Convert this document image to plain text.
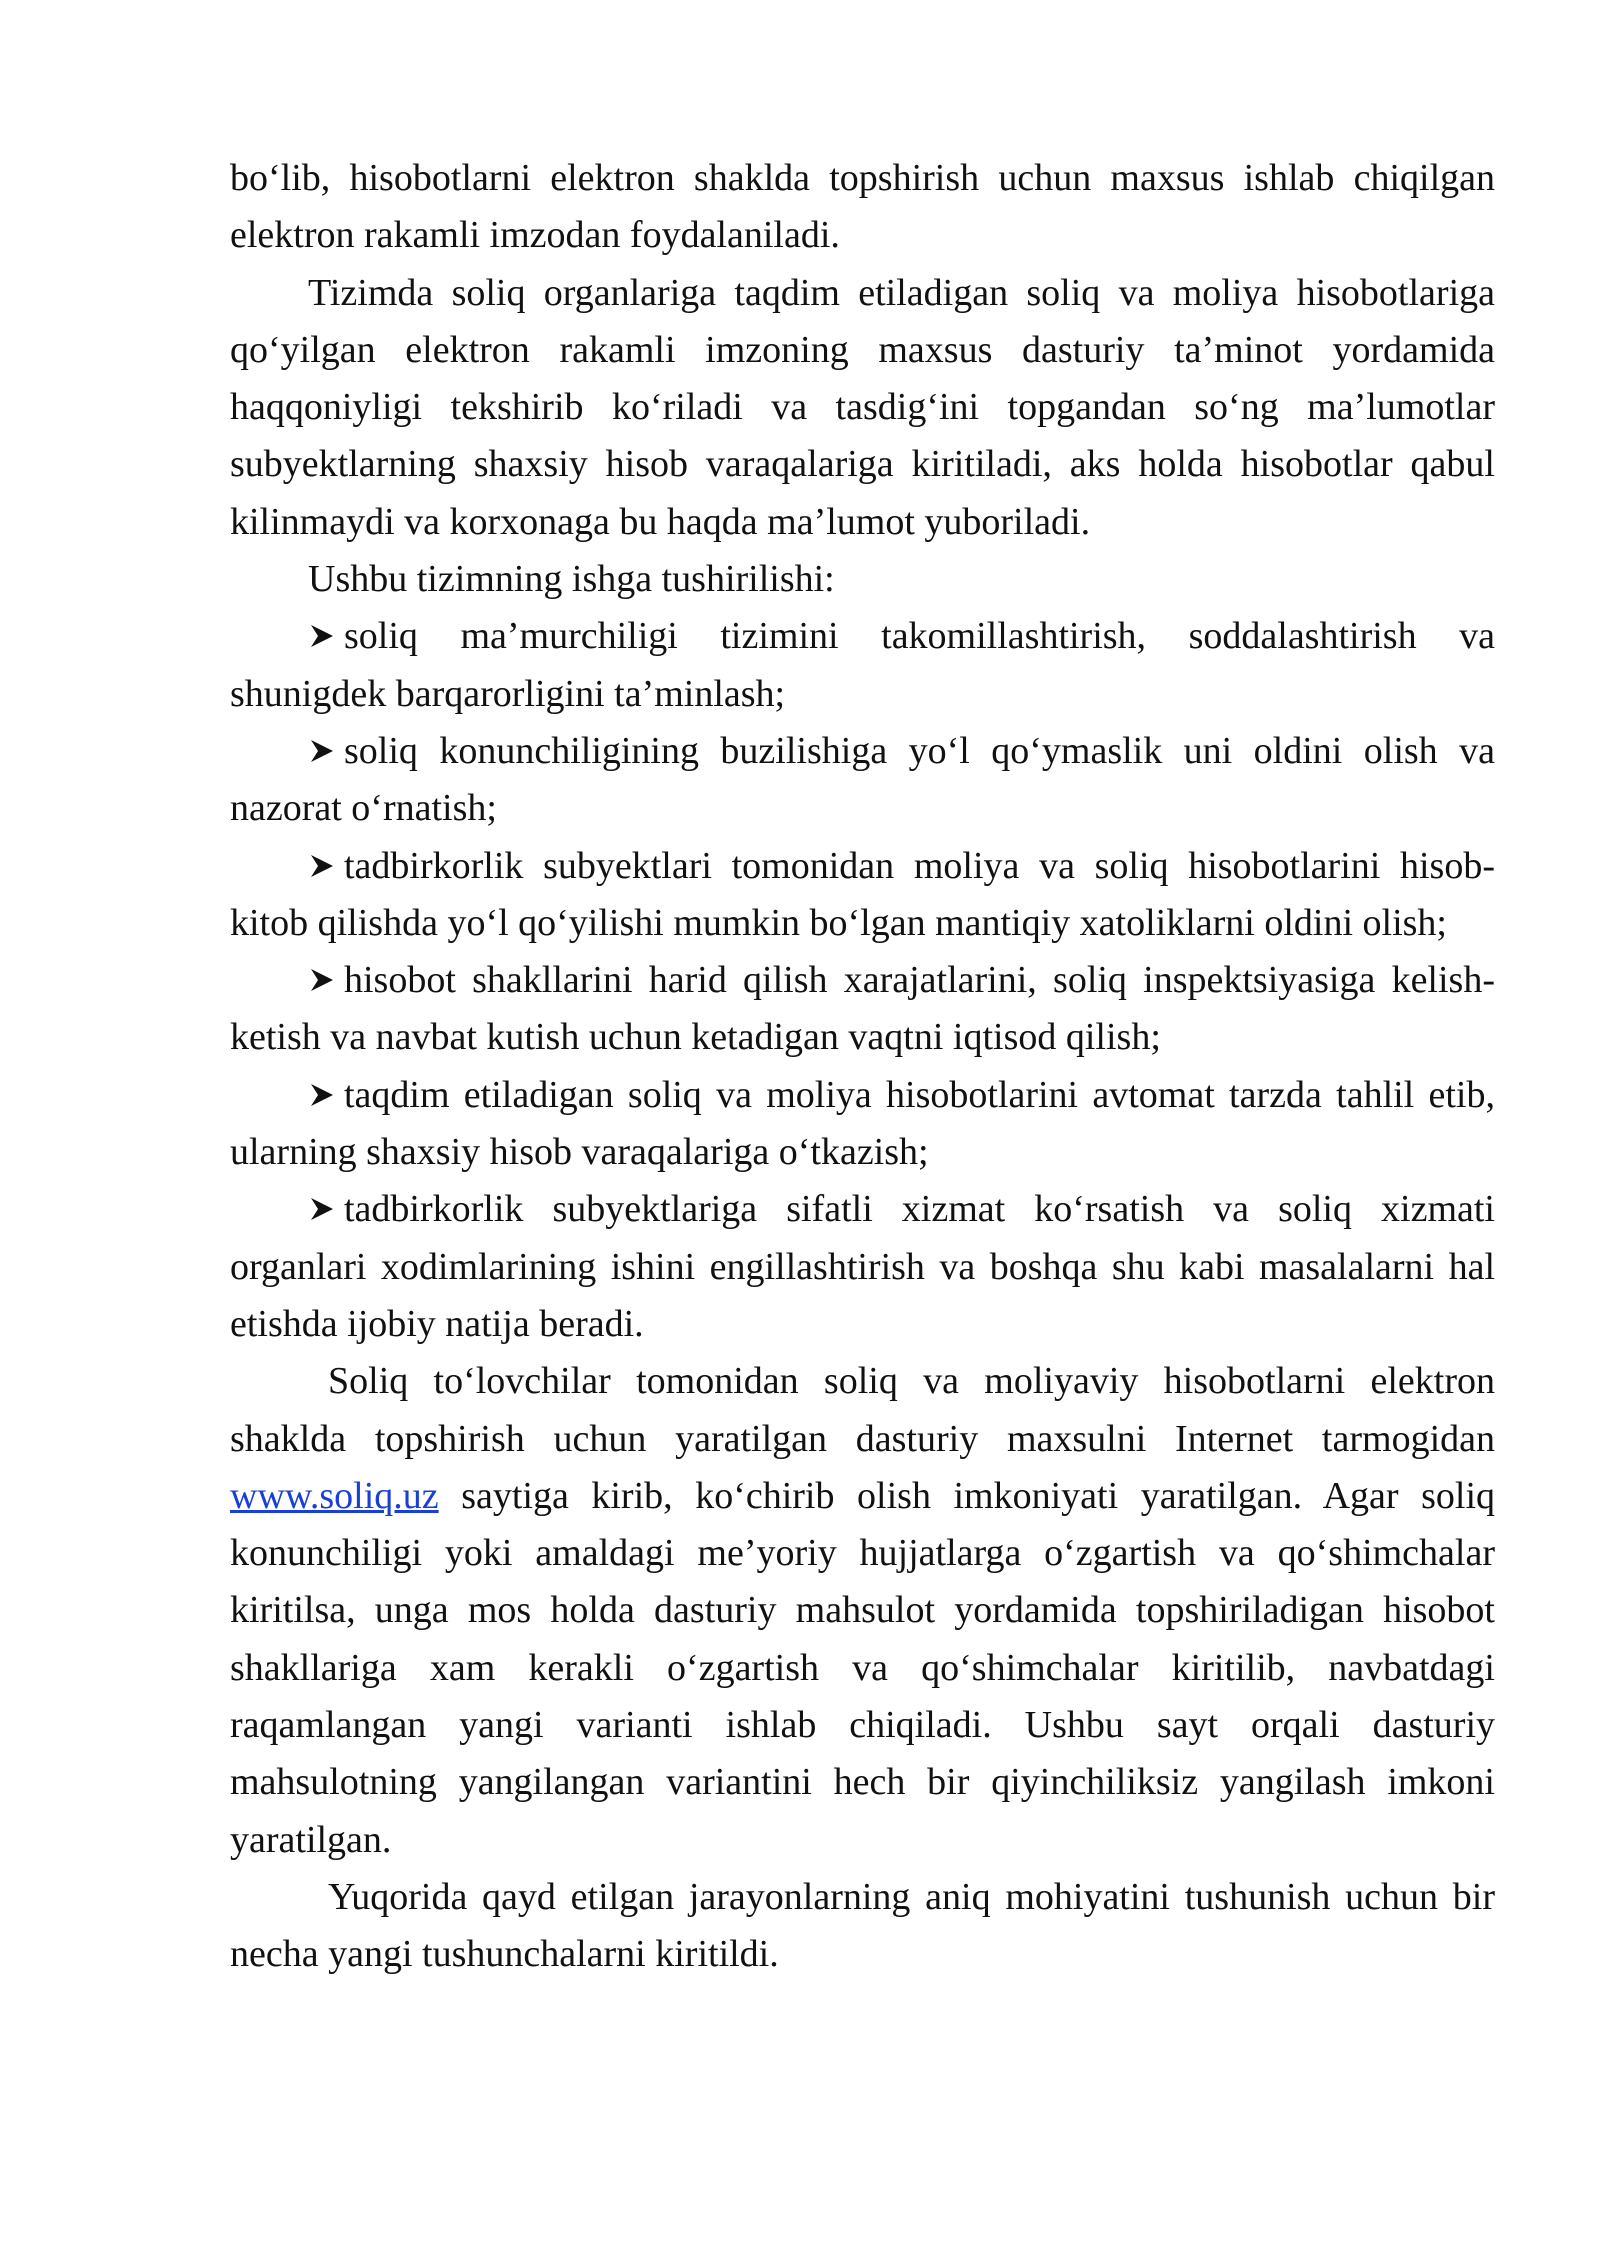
bo‘lib, hisobotlarni elektron shaklda topshirish uchun maxsus ishlab chiqilgan elektron rakamli imzodan foydalaniladi.

Tizimda soliq organlariga taqdim etiladigan soliq va moliya hisobotlariga qo‘yilgan elektron rakamli imzoning maxsus dasturiy ta’minot yordamida haqqoniyligi tekshirib ko‘riladi va tasdig‘ini topgandan so‘ng ma’lumotlar subyektlarning shaxsiy hisob varaqalariga kiritiladi, aks holda hisobotlar qabul kilinmaydi va korxonaga bu haqda ma’lumot yuboriladi.

Ushbu tizimning ishga tushirilishi:

soliq ma’murchiligi tizimini takomillashtirish, soddalashtirish va shunigdek barqarorligini ta’minlash;

soliq konunchiligining buzilishiga yo‘l qo‘ymaslik uni oldini olish va nazorat o‘rnatish;

tadbirkorlik subyektlari tomonidan moliya va soliq hisobotlarini hisob- kitob qilishda yo‘l qo‘yilishi mumkin bo‘lgan mantiqiy xatoliklarni oldini olish;

hisobot shakllarini harid qilish xarajatlarini, soliq inspektsiyasiga kelish-ketish va navbat kutish uchun ketadigan vaqtni iqtisod qilish;

taqdim etiladigan soliq va moliya hisobotlarini avtomat tarzda tahlil etib, ularning shaxsiy hisob varaqalariga o‘tkazish;

tadbirkorlik subyektlariga sifatli xizmat ko‘rsatish va soliq xizmati organlari xodimlarining ishini engillashtirish va boshqa shu kabi masalalarni hal etishda ijobiy natija beradi.

Soliq to‘lovchilar tomonidan soliq va moliyaviy hisobotlarni elektron shaklda topshirish uchun yaratilgan dasturiy maxsulni Internet tarmogidan www.soliq.uz saytiga kirib, ko‘chirib olish imkoniyati yaratilgan. Agar soliq konunchiligi yoki amaldagi me’yoriy hujjatlarga o‘zgartish va qo‘shimchalar kiritilsa, unga mos holda dasturiy mahsulot yordamida topshiriladigan hisobot shakllariga xam kerakli o‘zgartish va qo‘shimchalar kiritilib, navbatdagi raqamlangan yangi varianti ishlab chiqiladi. Ushbu sayt orqali dasturiy mahsulotning yangilangan variantini hech bir qiyinchiliksiz yangilash imkoni yaratilgan.

Yuqorida qayd etilgan jarayonlarning aniq mohiyatini tushunish uchun bir necha yangi tushunchalarni kiritildi.
